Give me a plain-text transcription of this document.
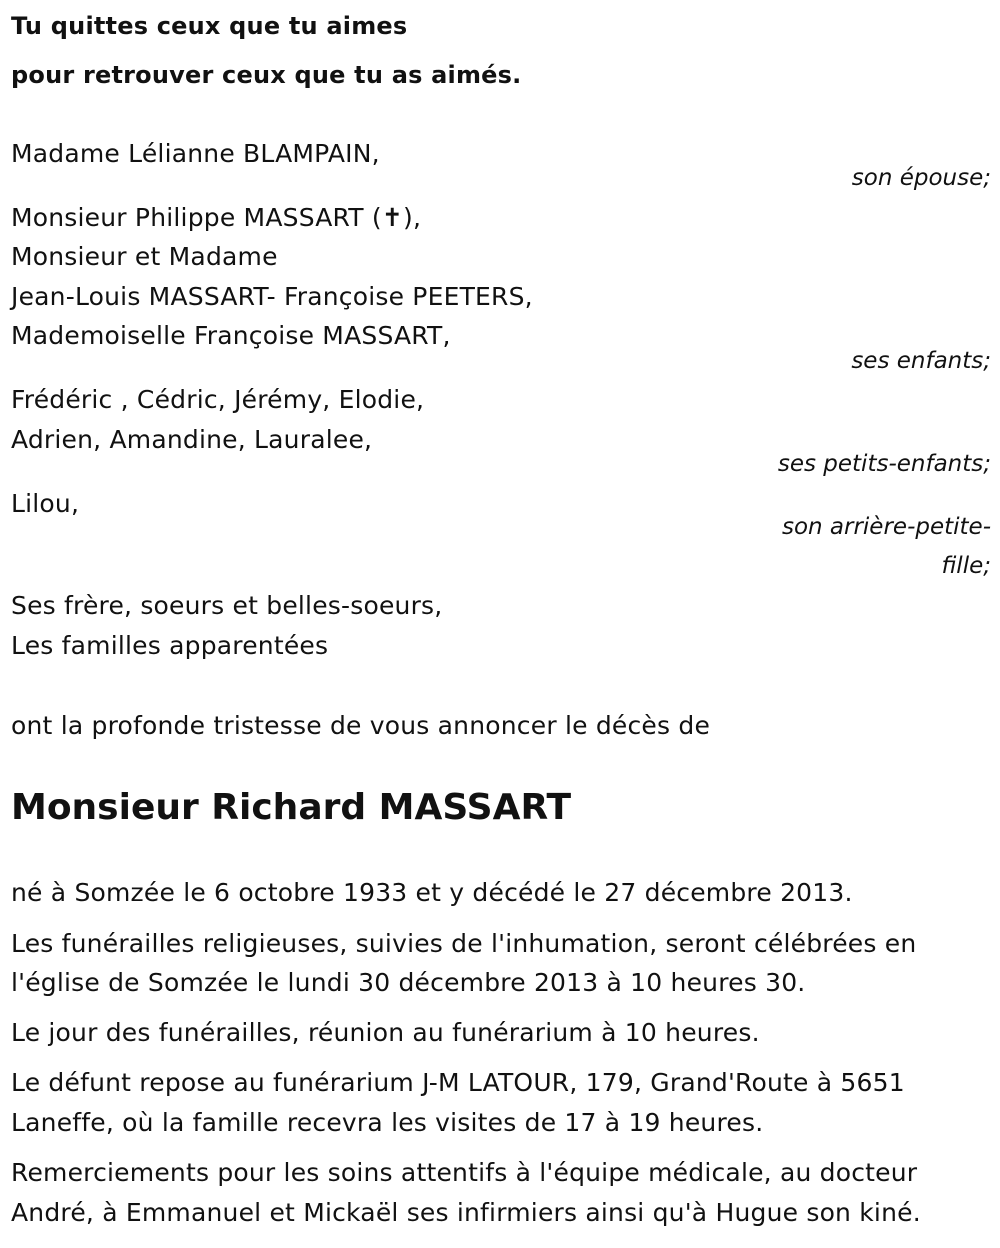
Tu quittes ceux que tu aimes
pour retrouver ceux que tu as aimés.
Madame Lélianne BLAMPAIN,
son épouse;
Monsieur Philippe MASSART (✝),
Monsieur et Madame
Jean-Louis MASSART- Françoise PEETERS,
Mademoiselle Françoise MASSART,
ses enfants;
Frédéric , Cédric, Jérémy, Elodie,
Adrien, Amandine, Lauralee,
ses petits-enfants;
Lilou,
son arrière-petite-
fille;
Ses frère, soeurs et belles-soeurs,
Les familles apparentées
ont la profonde tristesse de vous annoncer le décès de
Monsieur Richard MASSART
né à Somzée le 6 octobre 1933 et y décédé le 27 décembre 2013.
Les funérailles religieuses, suivies de l'inhumation, seront célébrées en
l'église de Somzée le lundi 30 décembre 2013 à 10 heures 30.
Le jour des funérailles, réunion au funérarium à 10 heures.
Le défunt repose au funérarium J-M LATOUR, 179, Grand'Route à 5651
Laneffe, où la famille recevra les visites de 17 à 19 heures.
Remerciements pour les soins attentifs à l'équipe médicale, au docteur
André, à Emmanuel et Mickaël ses infirmiers ainsi qu'à Hugue son kiné.
